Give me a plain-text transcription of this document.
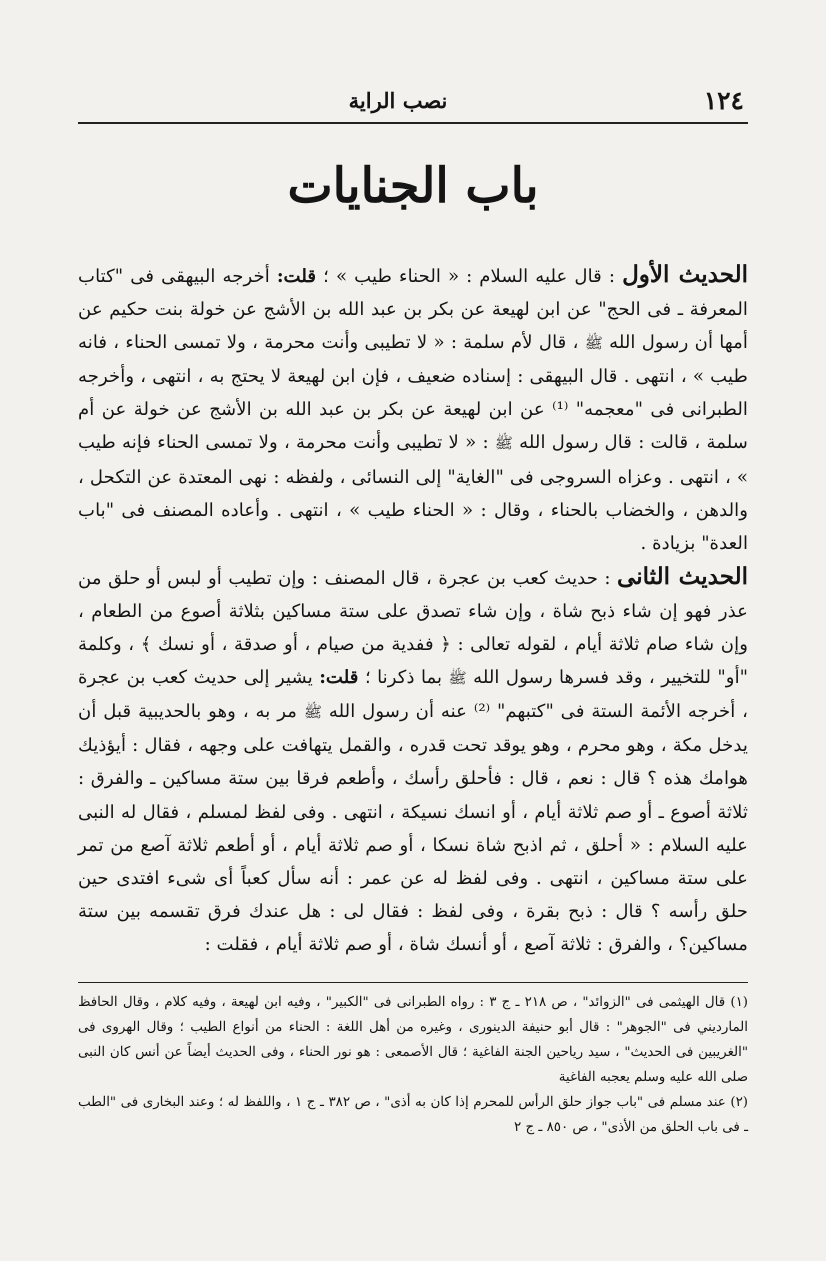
١٢٤
نصب الراية
باب الجنايات

الحديث الأول : قال عليه السلام : « الحناء طيب » ؛ قلت: أخرجه البيهقى فى "كتاب المعرفة ـ فى الحج" عن ابن لهيعة عن بكر بن عبد الله بن الأشج عن خولة بنت حكيم عن أمها أن رسول الله ﷺ ، قال لأم سلمة : « لا تطيبى وأنت محرمة ، ولا تمسى الحناء ، فانه طيب » ، انتهى . قال البيهقى : إسناده ضعيف ، فإن ابن لهيعة لا يحتج به ، انتهى ، وأخرجه الطبرانى فى "معجمه" ⁽¹⁾ عن ابن لهيعة عن بكر بن عبد الله بن الأشج عن خولة عن أم سلمة ، قالت : قال رسول الله ﷺ : « لا تطيبى وأنت محرمة ، ولا تمسى الحناء فإنه طيب » ، انتهى . وعزاه السروجى فى "الغاية" إلى النسائى ، ولفظه : نهى المعتدة عن التكحل ، والدهن ، والخضاب بالحناء ، وقال : « الحناء طيب » ، انتهى . وأعاده المصنف فى "باب العدة" بزيادة .

الحديث الثانى : حديث كعب بن عجرة ، قال المصنف : وإن تطيب أو لبس أو حلق من عذر فهو إن شاء ذبح شاة ، وإن شاء تصدق على ستة مساكين بثلاثة أصوع من الطعام ، وإن شاء صام ثلاثة أيام ، لقوله تعالى : ﴿ ففدية من صيام ، أو صدقة ، أو نسك ﴾ ، وكلمة "أو" للتخيير ، وقد فسرها رسول الله ﷺ بما ذكرنا ؛ قلت: يشير إلى حديث كعب بن عجرة ، أخرجه الأئمة الستة فى "كتبهم" ⁽²⁾ عنه أن رسول الله ﷺ مر به ، وهو بالحديبية قبل أن يدخل مكة ، وهو محرم ، وهو يوقد تحت قدره ، والقمل يتهافت على وجهه ، فقال : أيؤذيك هوامك هذه ؟ قال : نعم ، قال : فأحلق رأسك ، وأطعم فرقا بين ستة مساكين ـ والفرق : ثلاثة أصوع ـ أو صم ثلاثة أيام ، أو انسك نسيكة ، انتهى . وفى لفظ لمسلم ، فقال له النبى عليه السلام : « أحلق ، ثم اذبح شاة نسكا ، أو صم ثلاثة أيام ، أو أطعم ثلاثة آصع من تمر على ستة مساكين ، انتهى . وفى لفظ له عن عمر : أنه سأل كعباً أى شىء افتدى حين حلق رأسه ؟ قال : ذبح بقرة ، وفى لفظ : فقال لى : هل عندك فرق تقسمه بين ستة مساكين؟ ، والفرق : ثلاثة آصع ، أو أنسك شاة ، أو صم ثلاثة أيام ، فقلت :

(١) قال الهيثمى فى "الزوائد" ، ص ٢١٨ ـ ج ٣ : رواه الطبرانى فى "الكبير" ، وفيه ابن لهيعة ، وفيه كلام ، وقال الحافظ المارديني فى "الجوهر" : قال أبو حنيفة الدينورى ، وغيره من أهل اللغة : الحناء من أنواع الطيب ؛ وقال الهروى فى "الغريبين فى الحديث" ، سيد رياحين الجنة الفاغية ؛ قال الأصمعى : هو نور الحناء ، وفى الحديث أيضاً عن أنس كان النبى صلى الله عليه وسلم يعجبه الفاغية

(٢) عند مسلم فى "باب جواز حلق الرأس للمحرم إذا كان به أذى" ، ص ٣٨٢ ـ ج ١ ، واللفظ له ؛ وعند البخارى فى "الطب ـ فى باب الحلق من الأذى" ، ص ٨٥٠ ـ ج ٢
